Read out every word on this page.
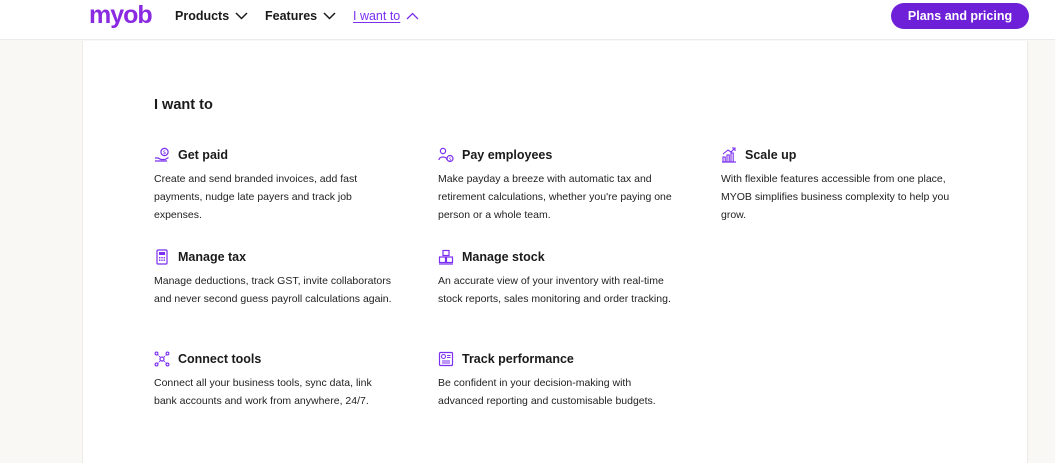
myob Products	Features	I want to	Plans and pricing
I want to
$ Get paid
Create and send branded invoices, add fast payments, nudge late payers and track job expenses.
$ Pay employees
Make payday a breeze with automatic tax and retirement calculations, whether you're paying one person or a whole team.
Scale up
With flexible features accessible from one place, MYOB simplifies business complexity to help you grow.
Manage tax
Manage deductions, track GST, invite collaborators and never second guess payroll calculations again.
Manage stock
An accurate view of your inventory with real-time stock reports, sales monitoring and order tracking.
Connect tools
Connect all your business tools, sync data, link bank accounts and work from anywhere, 24/7.
Track performance
Be confident in your decision-making with advanced reporting and customisable budgets.
